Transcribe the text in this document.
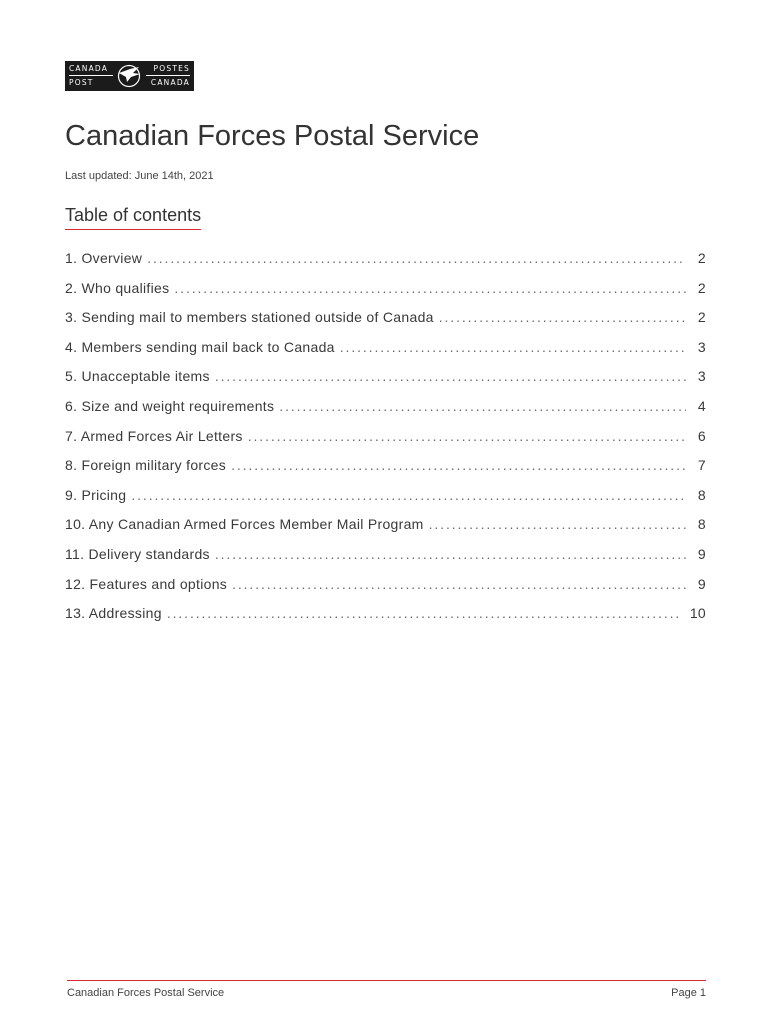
CANADA
POST
POSTES
CANADA
Canadian Forces Postal Service
Last updated: June 14th, 2021
Table of contents
1. Overview . . .	2
2. Who qualifies . . .	2
3. Sending mail to members stationed outside of Canada . . .	2
4. Members sending mail back to Canada . . .	3
5. Unacceptable items . . .	3
6. Size and weight requirements . . .	4
7. Armed Forces Air Letters . . .	6
8. Foreign military forces . . .	7
9. Pricing . . .	8
10. Any Canadian Armed Forces Member Mail Program . . .	8
11. Delivery standards . . .	9
12. Features and options . . .	9
13. Addressing . . .	10
Canadian Forces Postal Service	Page 1
